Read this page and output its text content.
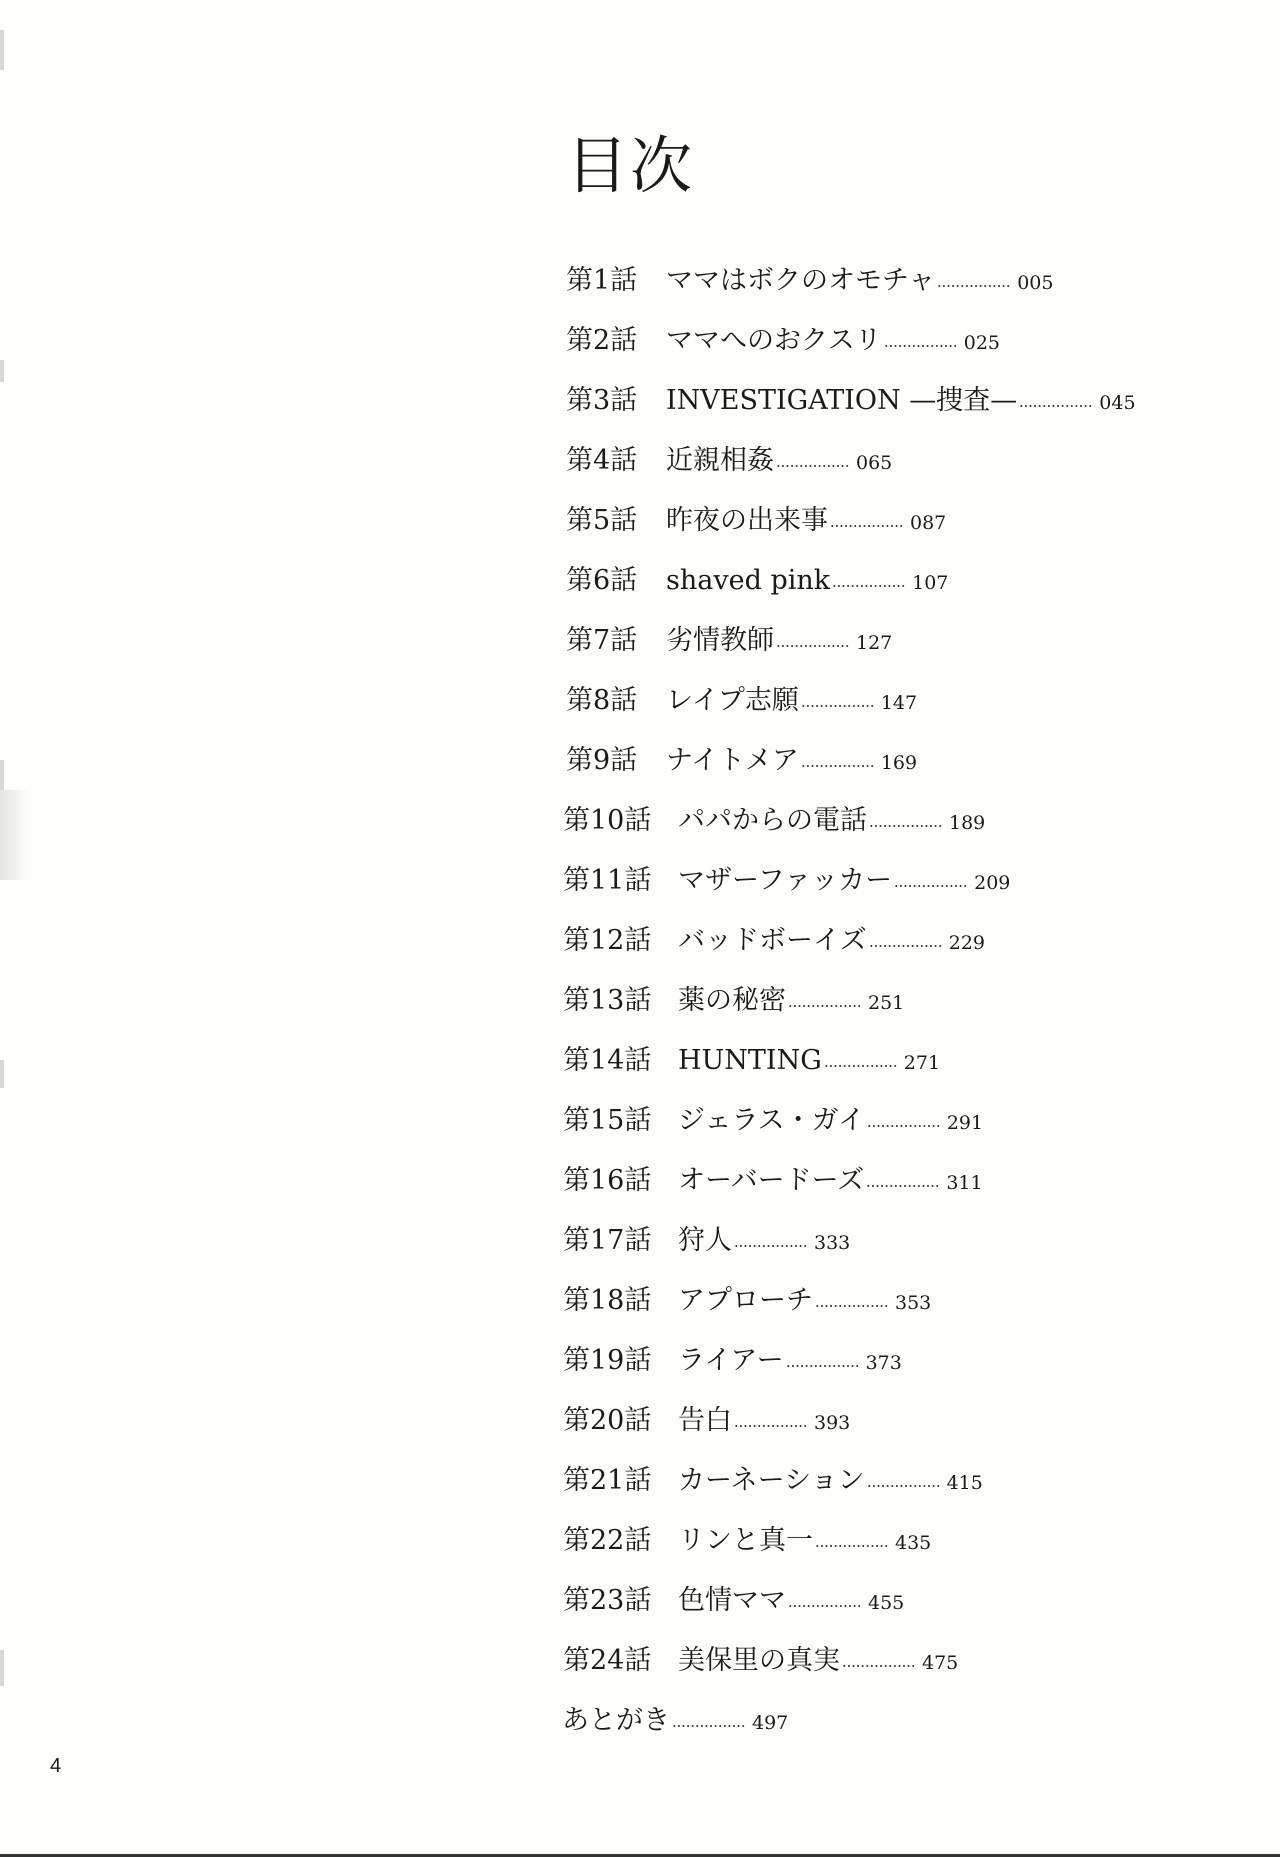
目次
第1話	ママはボクのオモチャ	005
第2話	ママへのおクスリ	025
第3話	INVESTIGATION —捜査—	045
第4話	近親相姦	065
第5話	昨夜の出来事	087
第6話	shaved pink	107
第7話	劣情教師	127
第8話	レイプ志願	147
第9話	ナイトメア	169
第10話 パパからの電話	189
第11話 マザーファッカー	209
第12話 バッドボーイズ	229
第13話 薬の秘密	251
第14話 HUNTING	271
第15話 ジェラス・ガイ	291
第16話 オーバードーズ	311
第17話 狩人	333
第18話 アプローチ	353
第19話 ライアー	373
第20話 告白	393
第21話 カーネーション	415
第22話 リンと真一	435
第23話 色情ママ	455
第24話 美保里の真実	475
あとがき	497
4
